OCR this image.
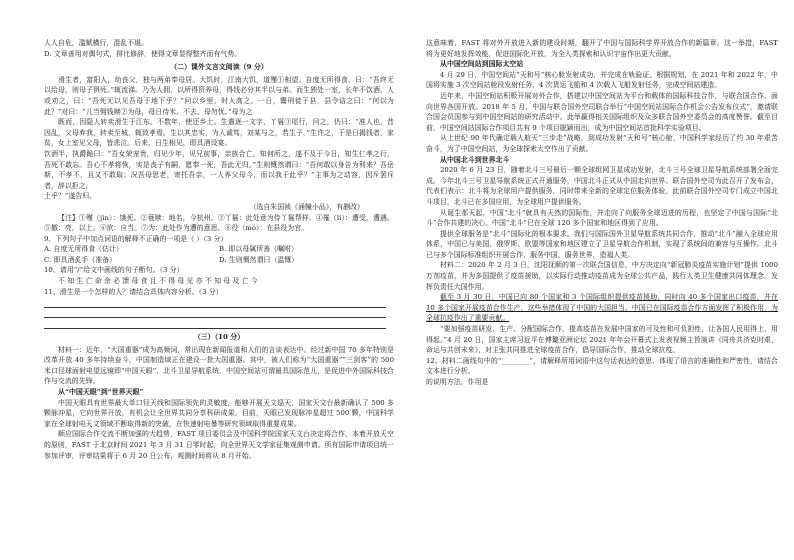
人人自危，滥赋横行，混乱不堪。
D. 文章善用对偶句式，排比修辞，使得文章显得整齐而有气势。
（二）课外文言文阅读（9 分）
滑生者，富阳人，幼丧父，独与两弟奉母居。大饥时，江南大饥，道殣①相望。自度无所得食，曰：“吾终无以给母，则母子俱死。”辄流涕。乃为人佣，以所得资养母，得钱必分其半以与弟。而生独处一室，长年不饮酒，人或劝之，曰：“吾死无以见吾母于地下乎？”问以乡里，时人高之。一日，鬻刑徒于县，县令诘之曰：“何以为此？”对曰：“儿当佣钱赎②为母，母日待米，不去，母勿忧。”母为之
既而，因隐人转卖滑生于江东。不数年，使还乡土。生遣逐一文字，丫鬟③尾行，问之，仍曰：“准人也，昔因乱，父母弃我，转卖至城，辄致孝焉。生以其忠实，为人诚笃，刘某与之，若生子，”生许之，于是日揭钱者，家贫，女上室见父母，皆悲泣。后来，日生相见，即具酒设宴。
饮酒半，执爵跪曰：“吾女荣宠贵，归见少年，见兄前事，亲族合亡，知何所之，遂不及于今日，知生仁孝之行，吾死不敢忘。吾心不孝将恢，实是丧子有嗣，愿奉一死，吾此无归。”生则慨然谓曰：“吾何敢以身告为利来？吾岳斯，不孝不，且又不敢取；况吾母思老，寄托吾亲，一人养父母今，而以我于此乎？”主事为之动容，因斥罢斥者，辞以拒之，
土乎？”遂告归。
（选自朱国祯《涌幢小品》，有删改）
【注】①殣（jìn）：饿死。②蓑赎：地名，今杭州。③丫鬟：此处意为侍丫鬟帮样。④罹（lí）：遭受，遭遇。⑤撤：亮，以上。⑥欲：应当。⑦为：此处作为遭的意思。⑧役（mó）：在县役为官。
9、下列句子中加点词语的解释不正确的一项是（ ）（3 分）
A. 自度无所得食（估计）	B. 即以母属所善（嘱咐）
C. 即具酒炙手（准备）	D. 生则慨然谓曰（温慨）
10、请用“/”给文中画线的句子断句。（3 分）
不 知 生 亡 命 余 必 馈 母 食 且 不 得 母 见 亦 不 知 母 及 亡 今
11、滑生是一个怎样的人？请结合具体内容分析。（3 分）
（三）（10 分）
材料一：近年，“大国重器”成为高频词，常出现在新闻报道和人们的言谈表达中。经过新中国 70 多年特别是改革开放 40 多年持续奋斗，中国制造域正在建设一批大国重器。其中，被人们称为“大国重器”“三剑客”的 500 米口径球面射电望远镜即“中国天眼”、北斗卫星导航系统、中国空间站可谓最具国际范儿，是促进中外国际科技合作与交流的先锋。
从“中国天眼”到“世界天眼”
中国天眼具有世界最大单口径天线和国际领先的灵敏度，能够开展天文巡天，国家天文台最新确认了 500 多颗脉冲星，它向世界开放，有机会让全世界共同分享科研成果。目前，天眼已发现脉冲星超过 500 颗，中国科学家在全球射电天文领域不断取得新的突破，在快速射电暴等研究领域取得重要成果。
顺应国际合作交流不断加强的大趋势，FAST 项目委员会及中国科学院国家天文台决定将合作，本着开放天空的原则，FAST 于北京时间 2021 年 3 月 31 日零时起，向全世界天文学家征集观测申请。所有国际申请项目统一参加评审，评审结果将于 6 月 20 日公布，观测时间将从 8 月开始。
这意味着，FAST 将对外开放进入新的建设时期，翻开了中国与国际科学界开放合作的新篇章。这一举措，FAST 将为更好地发挥效能，促进国际化开放，为全人类探索和认识宇宙作出更大贡献。
从中国空间站到国际太空站
4 月 29 日，中国空间站“天和号”核心舱发射成功，并完成在轨验证。根据规划，在 2021 年和 2022 年，中国将实施 3 次空间站舱段发射任务、4 次货运飞船和 4 次载人飞船发射任务，完成空间站建造。
近年来，中国空间站积极开展对外合作，搭建以中国空间站为平台和载体的国际科技合作，与联合国合作、面向世界各国开放。2018 年 5 月，中国与联合国外空司联合举行“中国空间站国际合作机会公告发布仪式”，邀请联合国会员国参与到中国空间站的研究活动中。此举赢得相关国际组织及众多联合国外空委员会的高度赞誉。截至目前，中国空间站国际合作项目共有 9 个项目脱颖而出，成为中国空间站首批科学实验项目。
从上世纪 90 年代确定载人航天“三步走”战略，到成功发射“天和号”核心舱，中国科学家经历了约 30 年艰苦奋斗，为了中国空间站，为全球探索太空作出了贡献。
从中国北斗到世界北斗
2020 年 6 月 23 日，随着北斗三号最后一颗全球组网卫星成功发射，北斗三号全球卫星导航系统部署全面完成。今年北斗三号卫星导航系统正式开通服务，中国北斗正式从中国走向世界。联合国外空司为此召开了发布会，代表们表示：北斗将为全球用户提供服务，同时带来全新的全球定位服务体验。此前联合国外空司专门成立中国北斗项目，北斗已在多国应用，为全球用户提供服务。
从诞生那天起，中国“北斗”就具有天然的国际性，并走向了向服务全球迈进的历程，也坚定了中国与国际“北斗”合作共建的决心。中国“北斗”已在全球 120 多个国家和地区得到了应用。
提供全球服务是“北斗”国际化的根本要求。我们与国际国外卫星导航系统共同合作，推动“北斗”融入全球应用体系，中国已与美国、俄罗斯、欧盟等国家和地区建立了卫星导航合作机制，实现了系统间的兼容与互操作。北斗已与多个国际标准组织开展合作，服务中国，服务世界，造福人类。
材料二：2020 年 2 月 3 日，沈阳抚顺的第一次联合国信息，中方决定向“新冠肺炎疫苗实施计划”提供 1000 万剂疫苗，并为多国提供了疫苗援助，以实际行动推动疫苗成为全球公共产品，践行人类卫生健康共同体理念，发挥负责任大国作用。
截至 3 月 30 日，中国已向 80 个国家和 3 个国际组织提供疫苗援助，同时向 40 多个国家出口疫苗，并在 10 多个国家开展疫苗合作生产，这些举措体现了中国的大国担当。中国已在国际疫苗合作方面发挥了积极作用，为全球抗疫作出了重要贡献。
“要加强疫苗研发、生产、分配国际合作，提高疫苗在发展中国家的可及性和可负担性，让各国人民用得上、用得起。”4 月 20 日，国家主席习近平在博鳌亚洲论坛 2021 年年会开幕式上发表视频主旨演讲《同舟共济克时艰，命运与共创未来》，对主张共同推进全球疫苗合作，倡导国际合作，推动全球抗疫。
12、材料二画线句中的“________”，请解释所用词语中这句话表达的意思，体现了语言的准确性和严密性，请结合文本进行分析。
的说明方法，作用是
